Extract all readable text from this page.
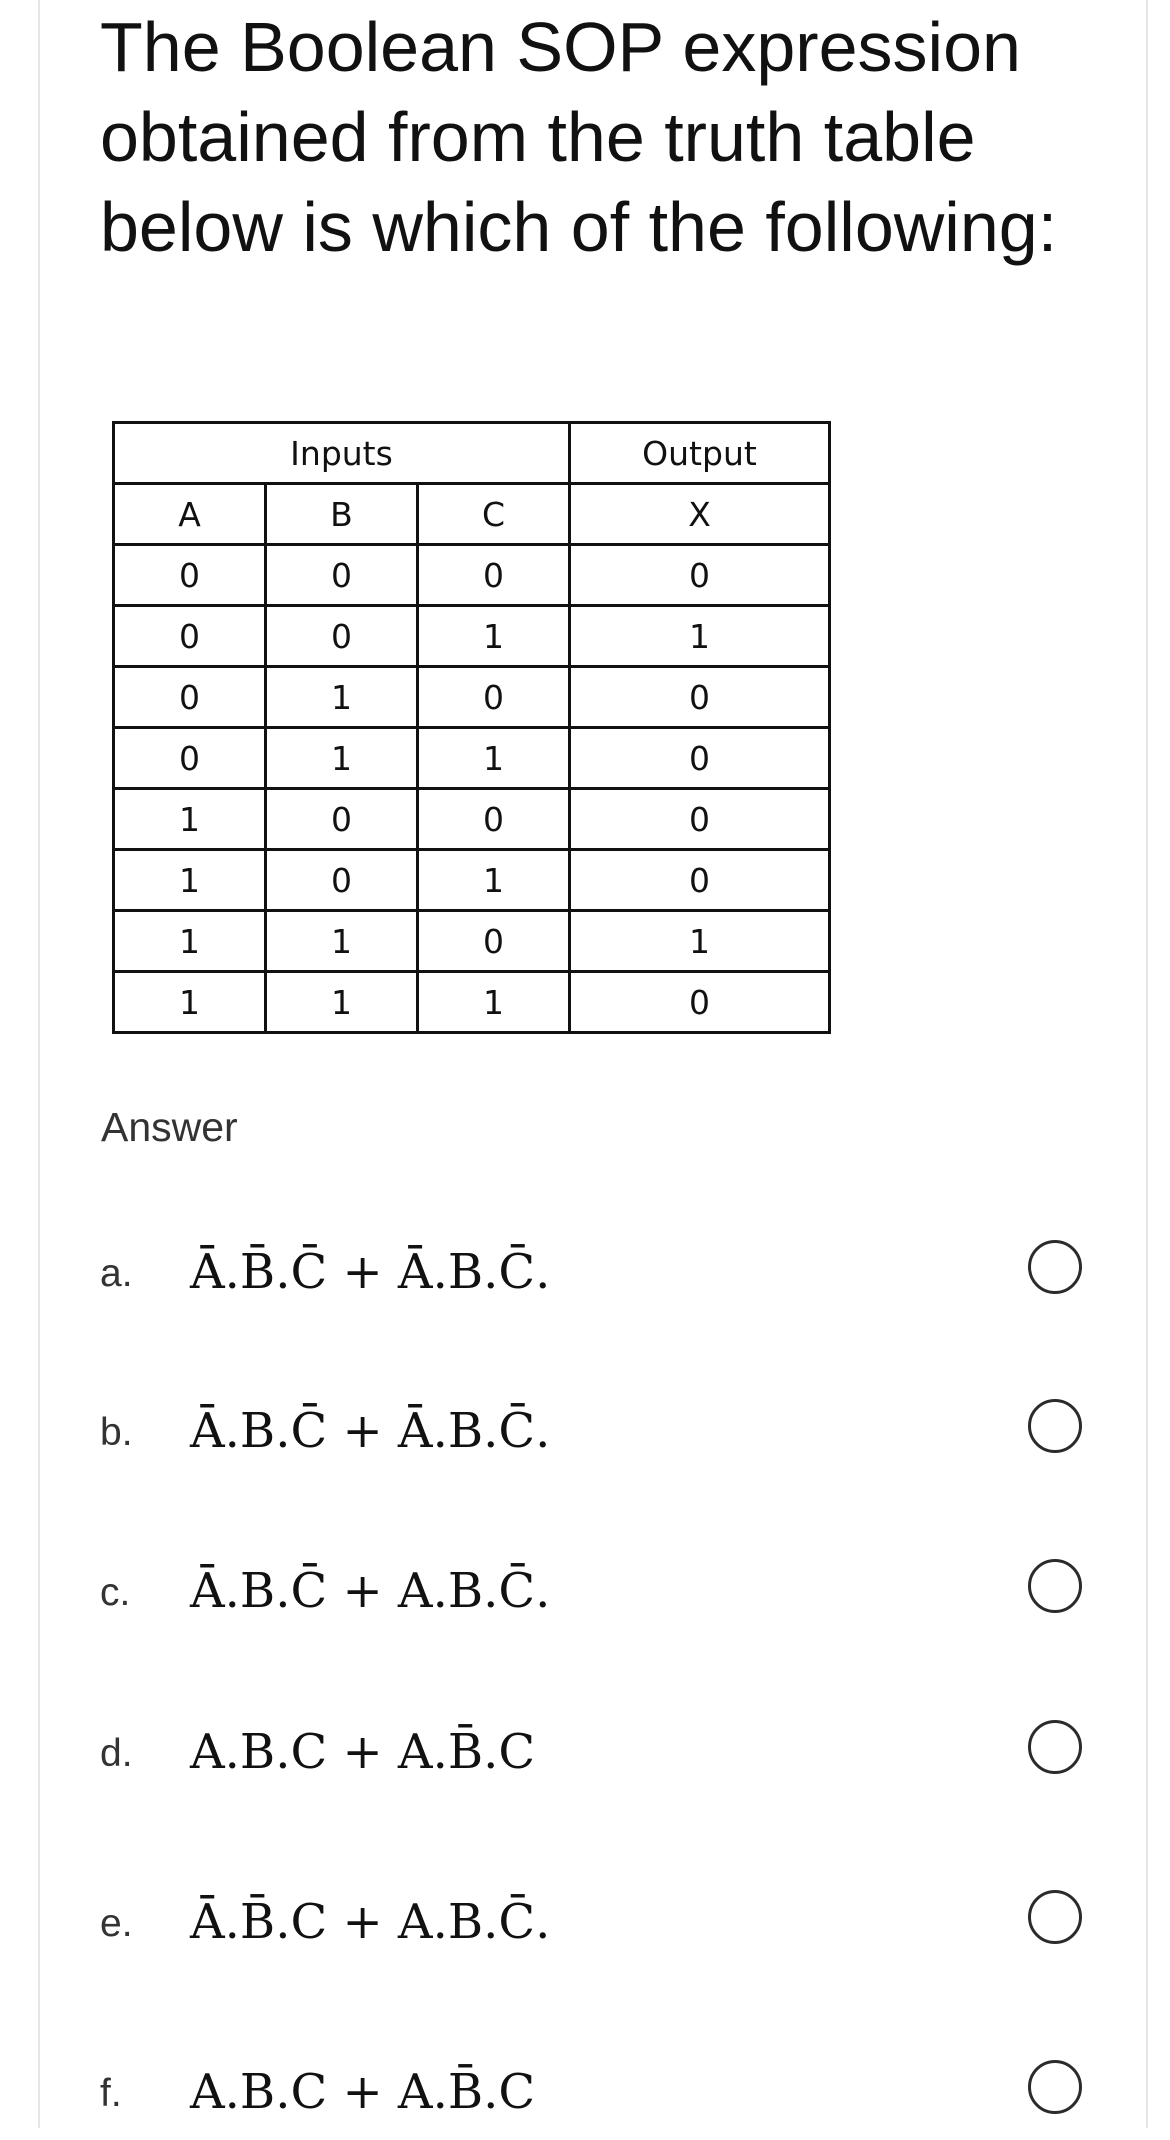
The Boolean SOP expression obtained from the truth table below is which of the following:
Inputs			Output
A	B	C	X
0	0	0	0
0	0	1	1
0	1	0	0
0	1	1	0
1	0	0	0
1	0	1	0
1	1	0	1
1	1	1	0
Answer
a. Ā.B̄.C̄ + Ā.B.C̄.
b. Ā.B.C̄ + Ā.B.C̄.
c. Ā.B.C̄ + A.B.C̄.
d. A.B.C + A.B̄.C
e. Ā.B̄.C + A.B.C̄.
f. A.B.C + A.B̄.C
